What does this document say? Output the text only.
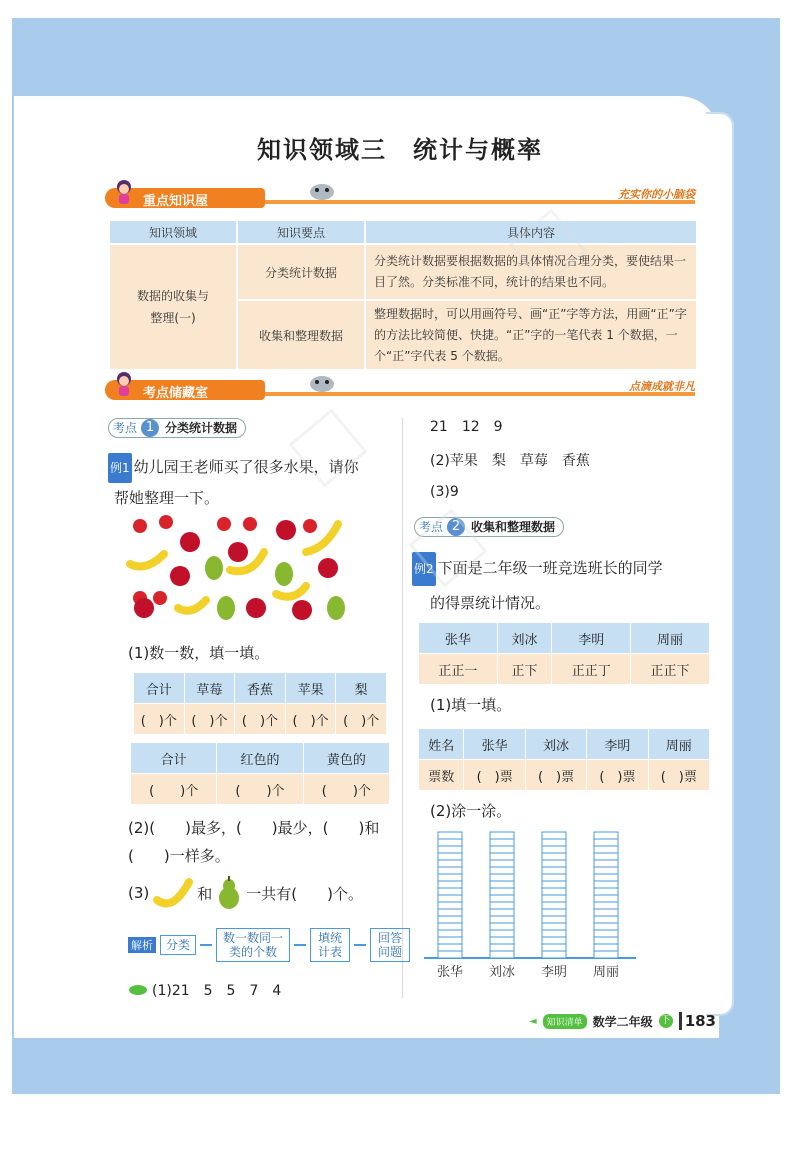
知识领域三　统计与概率
重点知识屋	充实你的小脑袋
知识领域	知识要点	具体内容
数据的收集与整理(一)	分类统计数据	分类统计数据要根据数据的具体情况合理分类，要使结果一目了然。分类标准不同，统计的结果也不同。
	收集和整理数据	整理数据时，可以用画符号、画“正”字等方法，用画“正”字的方法比较简便、快捷。“正”字的一笔代表 1 个数据，一个“正”字代表 5 个数据。
考点储藏室	点滴成就非凡
考点 1 分类统计数据
例1 幼儿园王老师买了很多水果，请你
帮她整理一下。
(1)数一数，填一填。
合计	草莓	香蕉	苹果	梨
(　)个	(　)个	(　)个	(　)个	(　)个
合计	红色的	黄色的
(　　)个	(　　)个	(　　)个
(2)(　　)最多，(　　)最少，(　　)和
(　　)一样多。
(3)	和 一共有(　　)个。
解析	分类	数一数同一类的个数
填统计表
回答问题
(1)21　5　5　7　4
21　12　9
(2)苹果　梨　草莓　香蕉
(3)9
考点 2 收集和整理数据
例2 下面是二年级一班竞选班长的同学
的得票统计情况。
张华	刘冰	李明	周丽
正正一	正下	正正丁	正正下
(1)填一填。
姓名	张华	刘冰	李明	周丽
票数	(　)票	(　)票	(　)票	(　)票
(2)涂一涂。
张华 刘冰 李明 周丽
◄	知识清单 数学二年级 下 183
